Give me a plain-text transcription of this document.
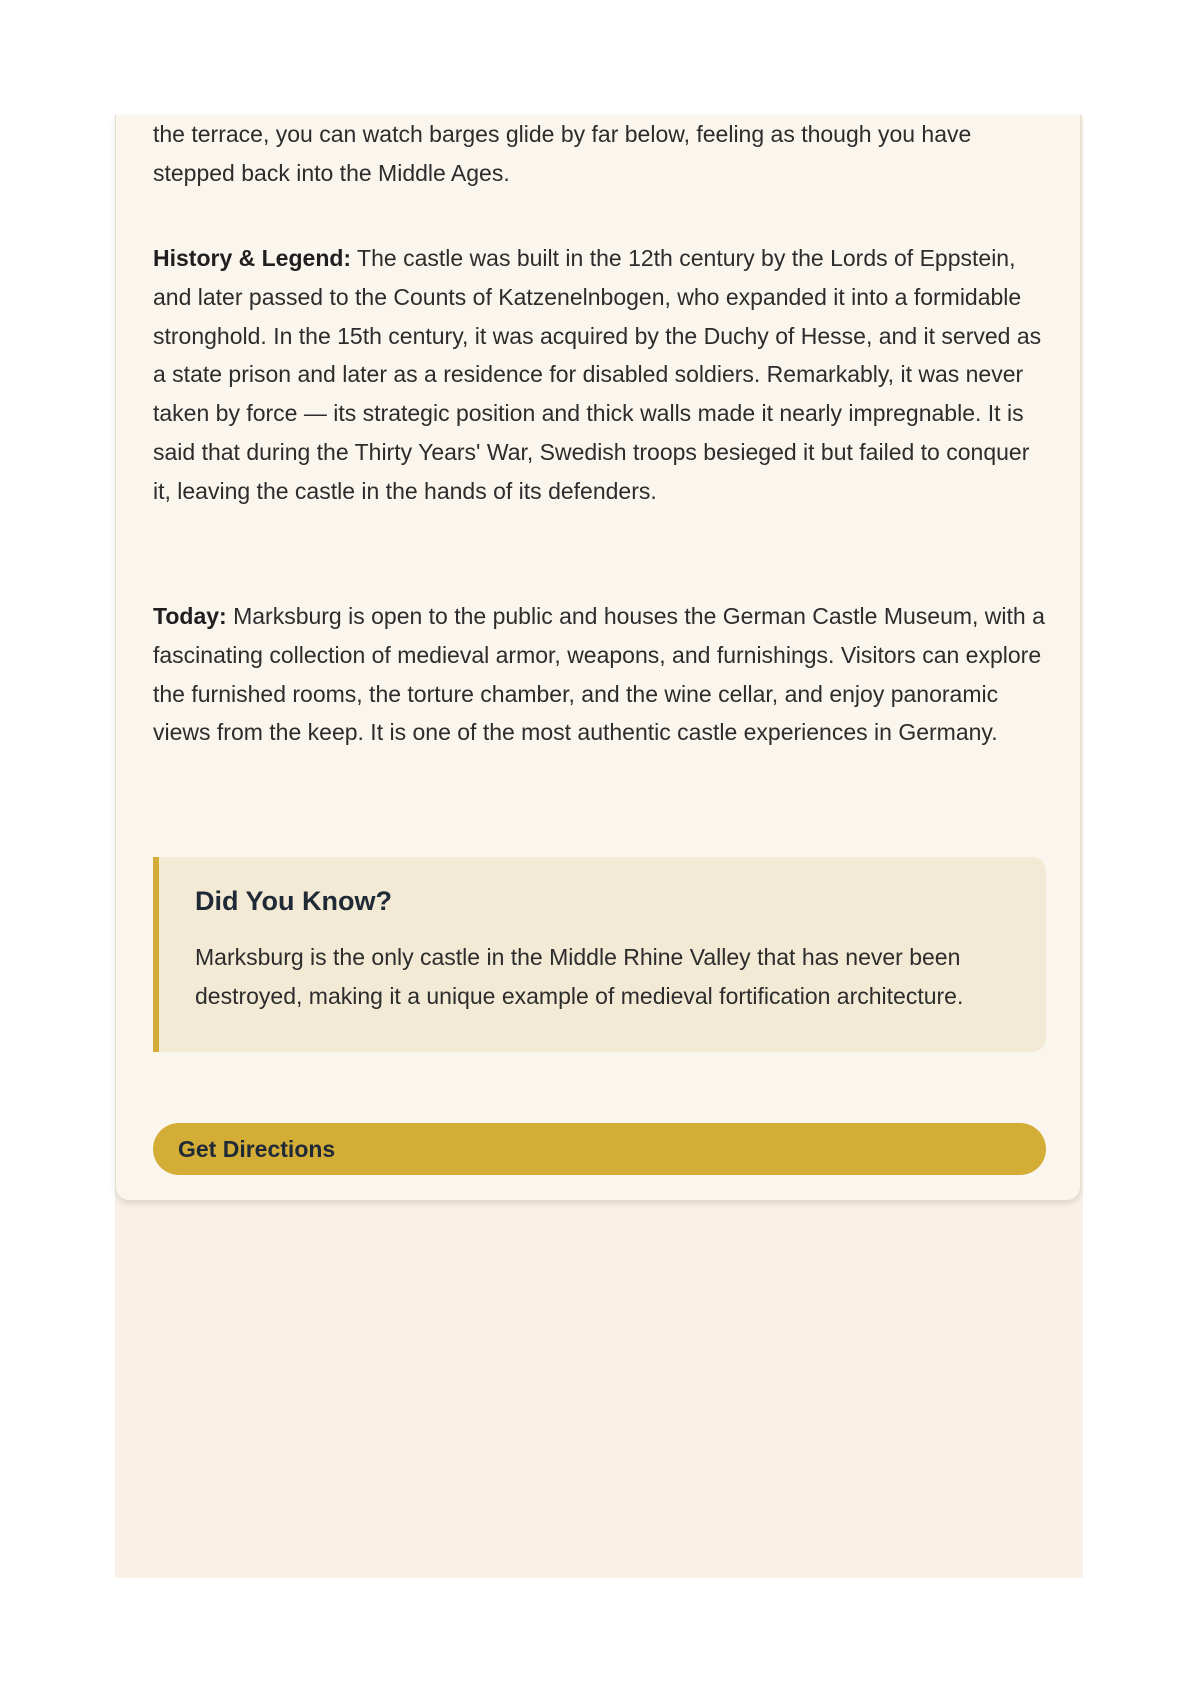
the terrace, you can watch barges glide by far below, feeling as though you have stepped back into the Middle Ages.

History & Legend: The castle was built in the 12th century by the Lords of Eppstein, and later passed to the Counts of Katzenelnbogen, who expanded it into a formidable stronghold. In the 15th century, it was acquired by the Duchy of Hesse, and it served as a state prison and later as a residence for disabled soldiers. Remarkably, it was never taken by force — its strategic position and thick walls made it nearly impregnable. It is said that during the Thirty Years' War, Swedish troops besieged it but failed to conquer it, leaving the castle in the hands of its defenders.

Today: Marksburg is open to the public and houses the German Castle Museum, with a fascinating collection of medieval armor, weapons, and furnishings. Visitors can explore the furnished rooms, the torture chamber, and the wine cellar, and enjoy panoramic views from the keep. It is one of the most authentic castle experiences in Germany.

Did You Know?

Marksburg is the only castle in the Middle Rhine Valley that has never been destroyed, making it a unique example of medieval fortification architecture.

Get Directions
